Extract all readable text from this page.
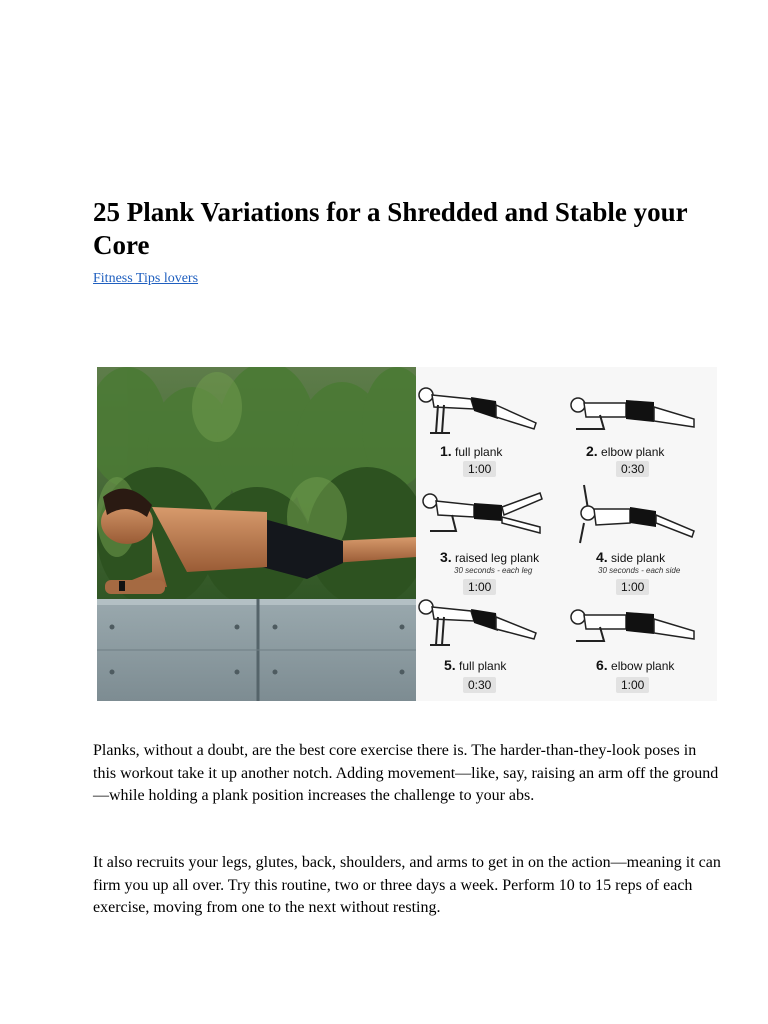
25 Plank Variations for a Shredded and Stable your Core
Fitness Tips lovers
1. full plank
1:00
2. elbow plank
0:30
3. raised leg plank
30 seconds - each leg
1:00
4. side plank
30 seconds - each side
1:00
5. full plank
0:30
6. elbow plank
1:00

Planks, without a doubt, are the best core exercise there is. The harder-than-they-look poses in this workout take it up another notch. Adding movement—like, say, raising an arm off the ground—while holding a plank position increases the challenge to your abs.

It also recruits your legs, glutes, back, shoulders, and arms to get in on the action—meaning it can firm you up all over. Try this routine, two or three days a week. Perform 10 to 15 reps of each exercise, moving from one to the next without resting.
